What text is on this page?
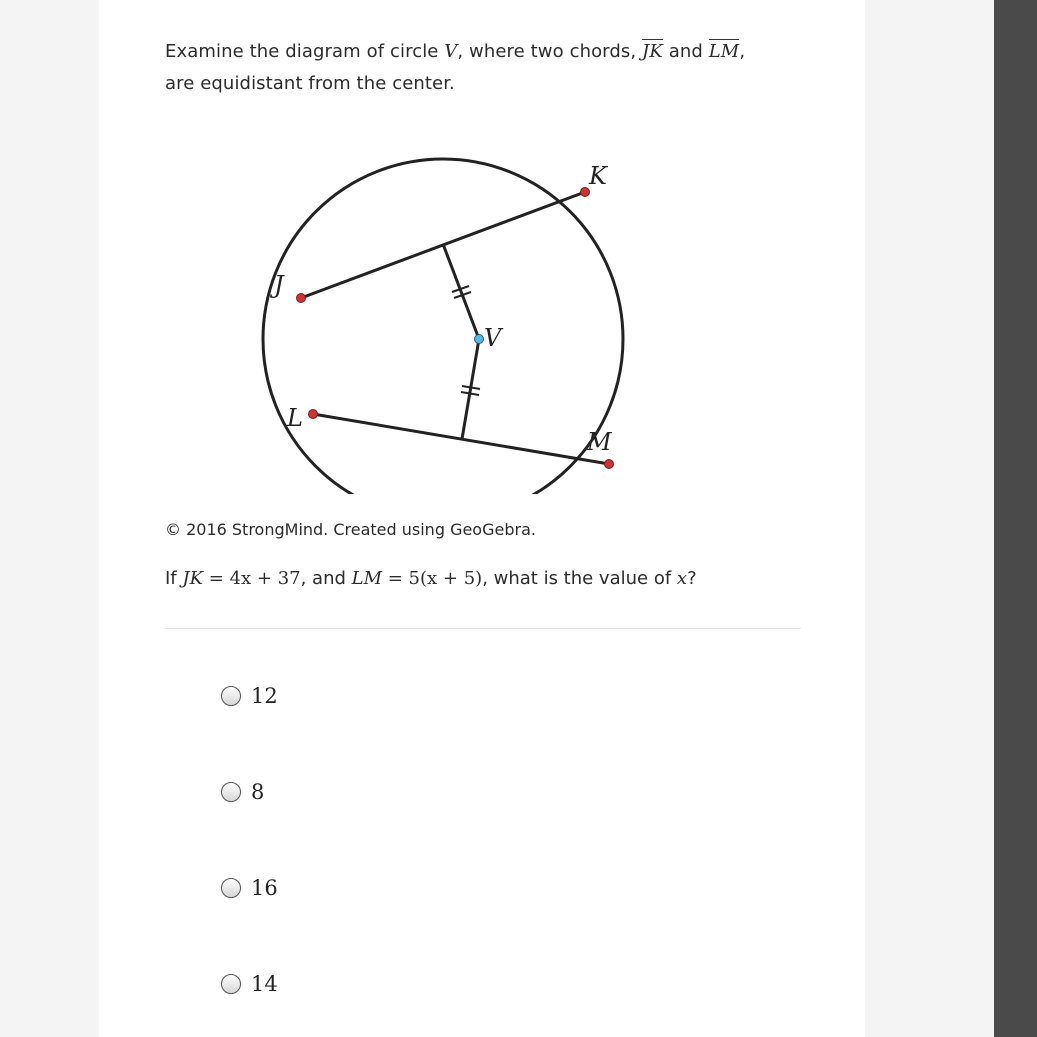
Examine the diagram of circle V, where two chords, JK and LM,
are equidistant from the center.

K
J
V
L
M
© 2016 StrongMind. Created using GeoGebra.
If JK = 4x + 37, and LM = 5(x + 5), what is the value of x?
12
8
16
14
